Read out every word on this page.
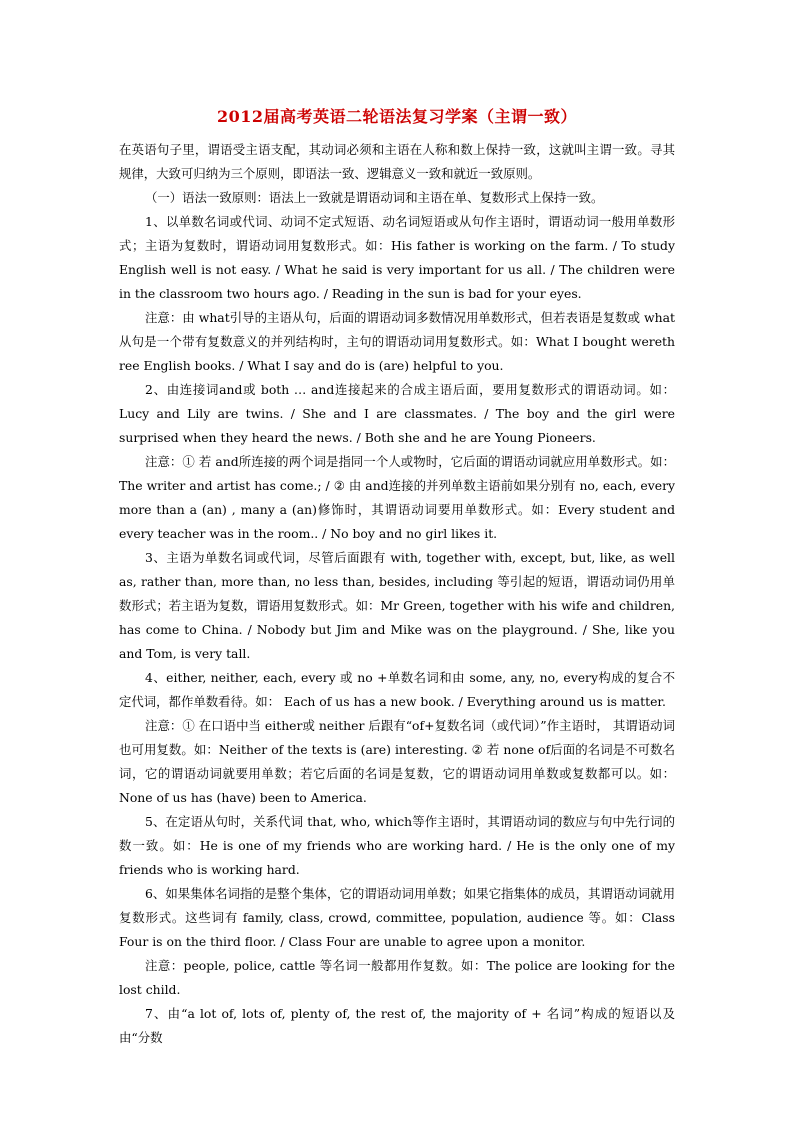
2012届高考英语二轮语法复习学案（主谓一致）

在英语句子里，谓语受主语支配，其动词必须和主语在人称和数上保持一致，这就叫主谓一致。寻其规律，大致可归纳为三个原则，即语法一致、逻辑意义一致和就近一致原则。

（一）语法一致原则：语法上一致就是谓语动词和主语在单、复数形式上保持一致。

1、以单数名词或代词、动词不定式短语、动名词短语或从句作主语时，谓语动词一般用单数形式；主语为复数时，谓语动词用复数形式。如：His father is working on the farm. / To study English well is not easy. / What he said is very important for us all. / The children were in the classroom two hours ago. / Reading in the sun is bad for your eyes.

注意：由 what引导的主语从句，后面的谓语动词多数情况用单数形式，但若表语是复数或 what从句是一个带有复数意义的并列结构时，主句的谓语动词用复数形式。如：What I bought wereth ree English books. / What I say and do is (are) helpful to you.

2、由连接词and或 both … and连接起来的合成主语后面，要用复数形式的谓语动词。如：Lucy and Lily are twins. / She and I are classmates. / The boy and the girl were surprised when they heard the news. / Both she and he are Young Pioneers.

注意：① 若 and所连接的两个词是指同一个人或物时，它后面的谓语动词就应用单数形式。如：The writer and artist has come.; / ② 由 and连接的并列单数主语前如果分别有 no, each, every more than a (an) , many a (an)修饰时，其谓语动词要用单数形式。如：Every student and every teacher was in the room.. / No boy and no girl likes it.

3、主语为单数名词或代词，尽管后面跟有 with, together with, except, but, like, as well as, rather than, more than, no less than, besides, including 等引起的短语，谓语动词仍用单数形式；若主语为复数，谓语用复数形式。如：Mr Green, together with his wife and children, has come to China. / Nobody but Jim and Mike was on the playground. / She, like you and Tom, is very tall.

4、either, neither, each, every 或 no +单数名词和由 some, any, no, every构成的复合不定代词，都作单数看待。如： Each of us has a new book. / Everything around us is matter.

注意：① 在口语中当 either或 neither 后跟有“of+复数名词（或代词）”作主语时， 其谓语动词也可用复数。如：Neither of the texts is (are) interesting. ② 若 none of后面的名词是不可数名词，它的谓语动词就要用单数；若它后面的名词是复数，它的谓语动词用单数或复数都可以。如：None of us has (have) been to America.

5、在定语从句时，关系代词 that, who, which等作主语时，其谓语动词的数应与句中先行词的数一致。如：He is one of my friends who are working hard. / He is the only one of my friends who is working hard.

6、如果集体名词指的是整个集体，它的谓语动词用单数；如果它指集体的成员，其谓语动词就用复数形式。这些词有 family, class, crowd, committee, population, audience 等。如：Class Four is on the third floor. / Class Four are unable to agree upon a monitor.

注意：people, police, cattle 等名词一般都用作复数。如：The police are looking for the lost child.

7、由“a lot of, lots of, plenty of, the rest of, the majority of + 名词”构成的短语以及由“分数
